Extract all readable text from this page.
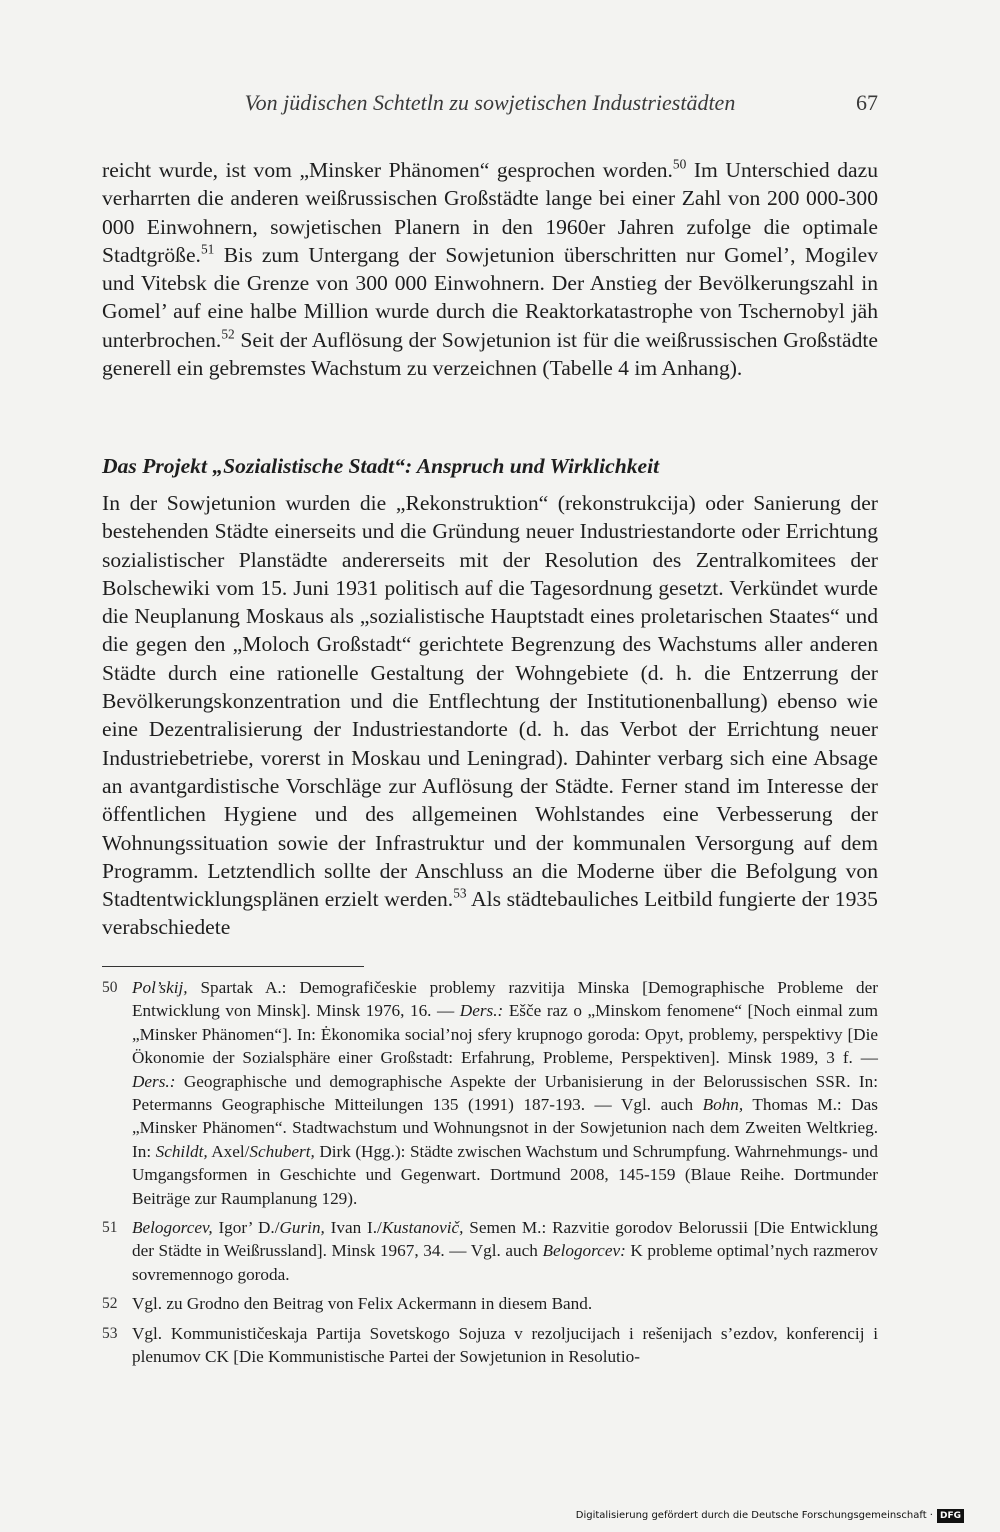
Von jüdischen Schtetln zu sowjetischen Industriestädten	67

reicht wurde, ist vom „Minsker Phänomen“ gesprochen worden.$^{50}$ Im Unterschied dazu verharrten die anderen weißrussischen Großstädte lange bei einer Zahl von 200 000-300 000 Einwohnern, sowjetischen Planern in den 1960er Jahren zufolge die optimale Stadtgröße.$^{51}$ Bis zum Untergang der Sowjetunion überschritten nur Gomel’, Mogilev und Vitebsk die Grenze von 300 000 Einwohnern. Der Anstieg der Bevölkerungszahl in Gomel’ auf eine halbe Million wurde durch die Reaktorkatastrophe von Tschernobyl jäh unterbrochen.$^{52}$ Seit der Auflösung der Sowjetunion ist für die weißrussischen Großstädte generell ein gebremstes Wachstum zu verzeichnen (Tabelle 4 im Anhang).

Das Projekt „Sozialistische Stadt“: Anspruch und Wirklichkeit

In der Sowjetunion wurden die „Rekonstruktion“ (rekonstrukcija) oder Sanierung der bestehenden Städte einerseits und die Gründung neuer Industriestandorte oder Errichtung sozialistischer Planstädte andererseits mit der Resolution des Zentralkomitees der Bolschewiki vom 15. Juni 1931 politisch auf die Tagesordnung gesetzt. Verkündet wurde die Neuplanung Moskaus als „sozialistische Hauptstadt eines proletarischen Staates“ und die gegen den „Moloch Großstadt“ gerichtete Begrenzung des Wachstums aller anderen Städte durch eine rationelle Gestaltung der Wohngebiete (d. h. die Entzerrung der Bevölkerungskonzentration und die Entflechtung der Institutionenballung) ebenso wie eine Dezentralisierung der Industriestandorte (d. h. das Verbot der Errichtung neuer Industriebetriebe, vorerst in Moskau und Leningrad). Dahinter verbarg sich eine Absage an avantgardistische Vorschläge zur Auflösung der Städte. Ferner stand im Interesse der öffentlichen Hygiene und des allgemeinen Wohlstandes eine Verbesserung der Wohnungssituation sowie der Infrastruktur und der kommunalen Versorgung auf dem Programm. Letztendlich sollte der Anschluss an die Moderne über die Befolgung von Stadtentwicklungsplänen erzielt werden.$^{53}$ Als städtebauliches Leitbild fungierte der 1935 verabschiedete

50 Pol’skij, Spartak A.: Demografičeskie problemy razvitija Minska [Demographische Probleme der Entwicklung von Minsk]. Minsk 1976, 16. — Ders.: Ešče raz o „Minskom fenomene“ [Noch einmal zum „Minsker Phänomen“]. In: Ėkonomika social’noj sfery krupnogo goroda: Opyt, problemy, perspektivy [Die Ökonomie der Sozialsphäre einer Großstadt: Erfahrung, Probleme, Perspektiven]. Minsk 1989, 3 f. — Ders.: Geographische und demographische Aspekte der Urbanisierung in der Belorussischen SSR. In: Petermanns Geographische Mitteilungen 135 (1991) 187-193. — Vgl. auch Bohn, Thomas M.: Das „Minsker Phänomen“. Stadtwachstum und Wohnungsnot in der Sowjetunion nach dem Zweiten Weltkrieg. In: Schildt, Axel/Schubert, Dirk (Hgg.): Städte zwischen Wachstum und Schrumpfung. Wahrnehmungs- und Umgangsformen in Geschichte und Gegenwart. Dortmund 2008, 145-159 (Blaue Reihe. Dortmunder Beiträge zur Raumplanung 129).

51 Belogorcev, Igor’ D./Gurin, Ivan I./Kustanovič, Semen M.: Razvitie gorodov Belorussii [Die Entwicklung der Städte in Weißrussland]. Minsk 1967, 34. — Vgl. auch Belogorcev: K probleme optimal’nych razmerov sovremennogo goroda.

52 Vgl. zu Grodno den Beitrag von Felix Ackermann in diesem Band.

53 Vgl. Kommunističeskaja Partija Sovetskogo Sojuza v rezoljucijach i rešenijach s’ezdov, konferencij i plenumov CK [Die Kommunistische Partei der Sowjetunion in Resolutio-

Digitalisierung gefördert durch die Deutsche Forschungsgemeinschaft · DFG
